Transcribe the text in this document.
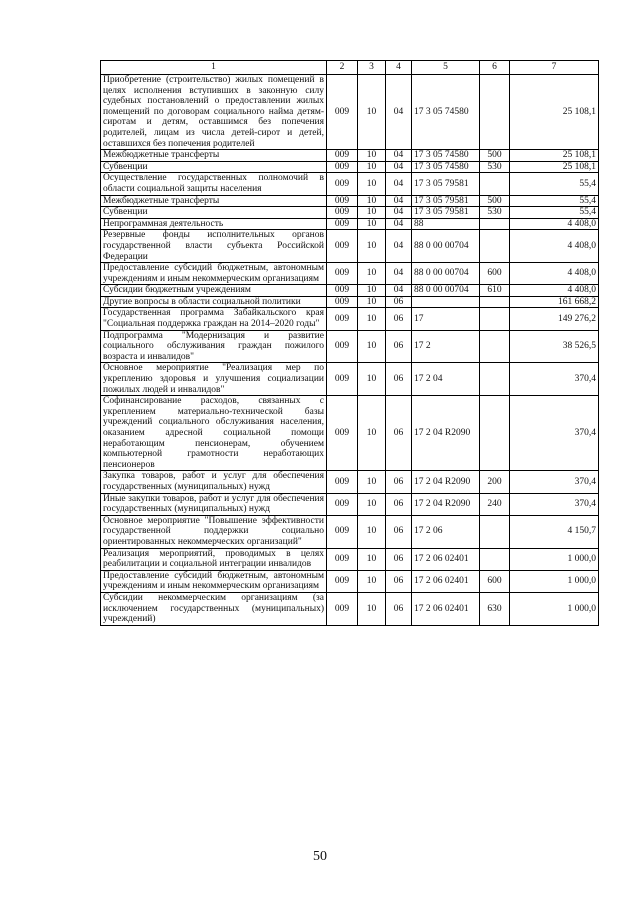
1	2	3	4	5	6	7
Приобретение (строительство) жилых помещений в целях исполнения вступивших в законную силу судебных постановлений о предоставлении жилых помещений по договорам социального найма детям-сиротам и детям, оставшимся без попечения родителей, лицам из числа детей-сирот и детей, оставшихся без попечения родителей	009	10	04	17 3 05 74580		25 108,1
Межбюджетные трансферты	009	10	04	17 3 05 74580	500	25 108,1
Субвенции	009	10	04	17 3 05 74580	530	25 108,1
Осуществление государственных полномочий в области социальной защиты населения	009	10	04	17 3 05 79581		55,4
Межбюджетные трансферты	009	10	04	17 3 05 79581	500	55,4
Субвенции	009	10	04	17 3 05 79581	530	55,4
Непрограммная деятельность	009	10	04	88		4 408,0
Резервные фонды исполнительных органов государственной власти субъекта Российской Федерации	009	10	04	88 0 00 00704		4 408,0
Предоставление субсидий бюджетным, автономным учреждениям и иным некоммерческим организациям	009	10	04	88 0 00 00704	600	4 408,0
Субсидии бюджетным учреждениям	009	10	04	88 0 00 00704	610	4 408,0
Другие вопросы в области социальной политики	009	10	06			161 668,2
Государственная программа Забайкальского края "Социальная поддержка граждан на 2014–2020 годы"	009	10	06	17		149 276,2
Подпрограмма "Модернизация и развитие социального обслуживания граждан пожилого возраста и инвалидов"	009	10	06	17 2		38 526,5
Основное мероприятие "Реализация мер по укреплению здоровья и улучшения социализации пожилых людей и инвалидов"	009	10	06	17 2 04		370,4
Софинансирование расходов, связанных с укреплением материально-технической базы учреждений социального обслуживания населения, оказанием адресной социальной помощи неработающим пенсионерам, обучением компьютерной грамотности неработающих пенсионеров	009	10	06	17 2 04 R2090		370,4
Закупка товаров, работ и услуг для обеспечения государственных (муниципальных) нужд	009	10	06	17 2 04 R2090	200	370,4
Иные закупки товаров, работ и услуг для обеспечения государственных (муниципальных) нужд	009	10	06	17 2 04 R2090	240	370,4
Основное мероприятие "Повышение эффективности государственной поддержки социально ориентированных некоммерческих организаций"	009	10	06	17 2 06		4 150,7
Реализация мероприятий, проводимых в целях реабилитации и социальной интеграции инвалидов	009	10	06	17 2 06 02401		1 000,0
Предоставление субсидий бюджетным, автономным учреждениям и иным некоммерческим организациям	009	10	06	17 2 06 02401	600	1 000,0
Субсидии некоммерческим организациям (за исключением государственных (муниципальных) учреждений)	009	10	06	17 2 06 02401	630	1 000,0
50
